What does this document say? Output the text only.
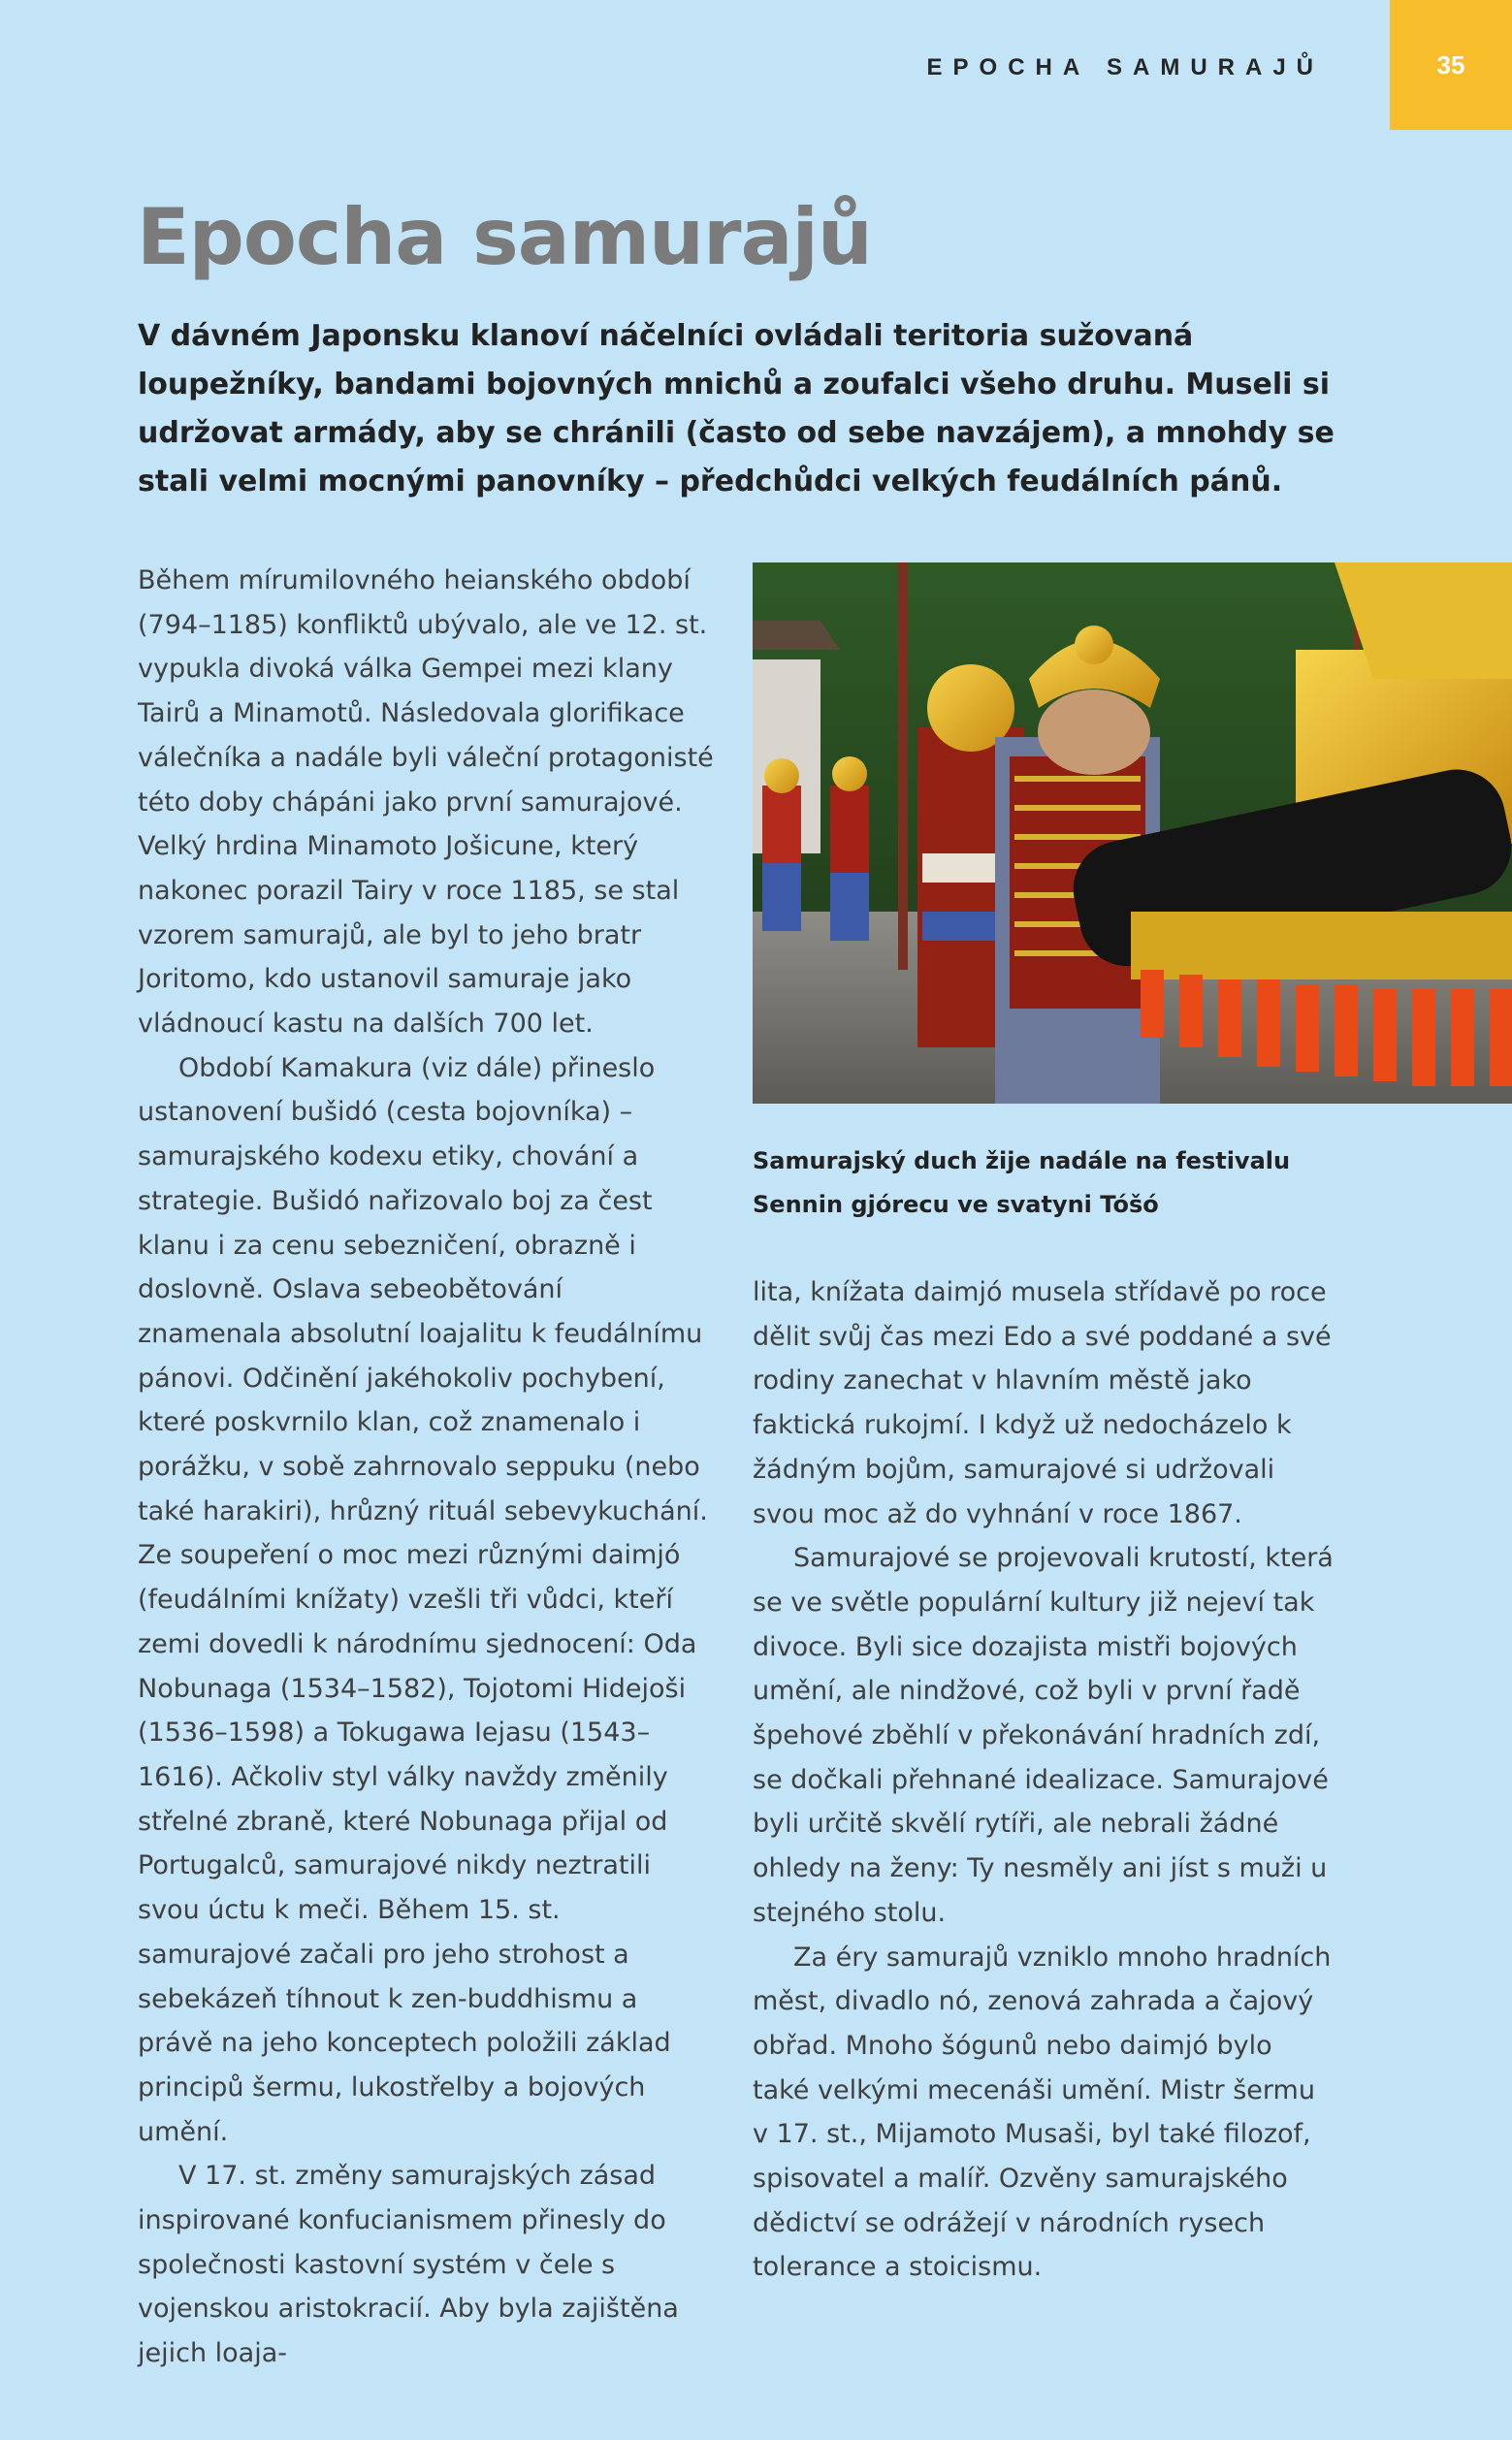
EPOCHA SAMURAJŮ	35
Epocha samurajů

V dávném Japonsku klanoví náčelníci ovládali teritoria sužovaná loupežníky, bandami bojovných mnichů a zoufalci všeho druhu. Museli si udržovat armády, aby se chránili (často od sebe navzájem), a mnohdy se stali velmi mocnými panovníky – předchůdci velkých feudálních pánů.

Během mírumilovného heianského období (794–1185) konfliktů ubývalo, ale ve 12. st. vypukla divoká válka Gempei mezi klany Tairů a Minamotů. Následovala glorifikace válečníka a nadále byli váleční protagonisté této doby chápáni jako první samurajové. Velký hrdina Minamoto Jošicune, který nakonec porazil Tairy v roce 1185, se stal vzorem samurajů, ale byl to jeho bratr Joritomo, kdo ustanovil samuraje jako vládnoucí kastu na dalších 700 let.

Období Kamakura (viz dále) přineslo ustanovení bušidó (cesta bojovníka) – samurajského kodexu etiky, chování a strategie. Bušidó nařizovalo boj za čest klanu i za cenu sebezničení, obrazně i doslovně. Oslava sebeobětování znamenala absolutní loajalitu k feudálnímu pánovi. Odčinění jakéhokoliv pochybení, které poskvrnilo klan, což znamenalo i porážku, v sobě zahrnovalo seppuku (nebo také harakiri), hrůzný rituál sebevykuchání. Ze soupeření o moc mezi různými daimjó (feudálními knížaty) vzešli tři vůdci, kteří zemi dovedli k národnímu sjednocení: Oda Nobunaga (1534–1582), Tojotomi Hidejoši (1536–1598) a Tokugawa Iejasu (1543–1616). Ačkoliv styl války navždy změnily střelné zbraně, které Nobunaga přijal od Portugalců, samurajové nikdy neztratili svou úctu k meči. Během 15. st. samurajové začali pro jeho strohost a sebekázeň tíhnout k zen-buddhismu a právě na jeho konceptech položili základ principů šermu, lukostřelby a bojových umění.

V 17. st. změny samurajských zásad inspirované konfucianismem přinesly do společnosti kastovní systém v čele s vojenskou aristokracií. Aby byla zajištěna jejich loaja-

Samurajský duch žije nadále na festivalu Sennin gjórecu ve svatyni Tóšó

lita, knížata daimjó musela střídavě po roce dělit svůj čas mezi Edo a své poddané a své rodiny zanechat v hlavním městě jako faktická rukojmí. I když už nedocházelo k žádným bojům, samurajové si udržovali svou moc až do vyhnání v roce 1867.

Samurajové se projevovali krutostí, která se ve světle populární kultury již nejeví tak divoce. Byli sice dozajista mistři bojových umění, ale nindžové, což byli v první řadě špehové zběhlí v překonávání hradních zdí, se dočkali přehnané idealizace. Samurajové byli určitě skvělí rytíři, ale nebrali žádné ohledy na ženy: Ty nesměly ani jíst s muži u stejného stolu.

Za éry samurajů vzniklo mnoho hradních měst, divadlo nó, zenová zahrada a čajový obřad. Mnoho šógunů nebo daimjó bylo také velkými mecenáši umění. Mistr šermu v 17. st., Mijamoto Musaši, byl také filozof, spisovatel a malíř. Ozvěny samurajského dědictví se odrážejí v národních rysech tolerance a stoicismu.
